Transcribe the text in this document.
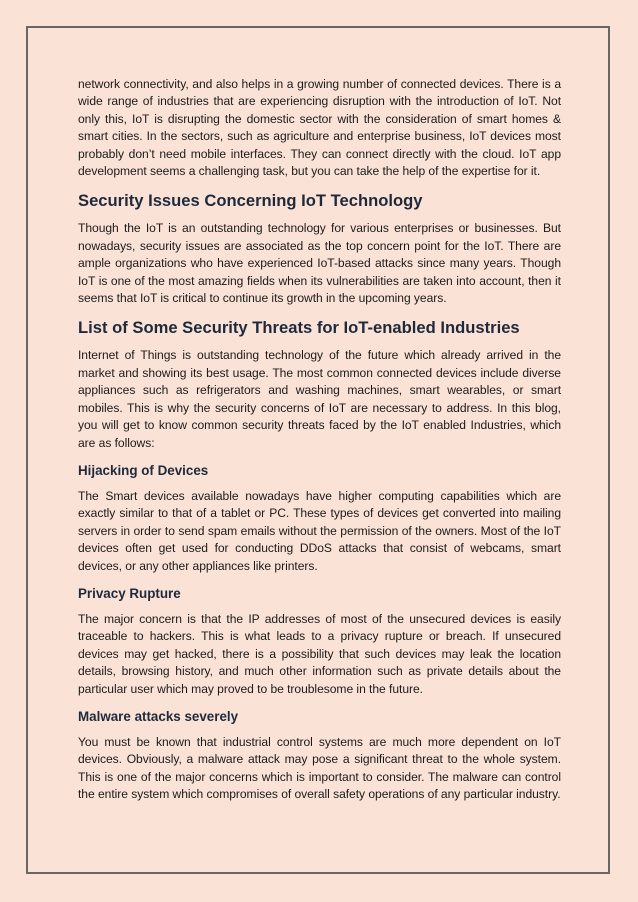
network connectivity, and also helps in a growing number of connected devices. There is a wide range of industries that are experiencing disruption with the introduction of IoT. Not only this, IoT is disrupting the domestic sector with the consideration of smart homes & smart cities. In the sectors, such as agriculture and enterprise business, IoT devices most probably don’t need mobile interfaces. They can connect directly with the cloud. IoT app development seems a challenging task, but you can take the help of the expertise for it.

Security Issues Concerning IoT Technology

Though the IoT is an outstanding technology for various enterprises or businesses. But nowadays, security issues are associated as the top concern point for the IoT. There are ample organizations who have experienced IoT-based attacks since many years. Though IoT is one of the most amazing fields when its vulnerabilities are taken into account, then it seems that IoT is critical to continue its growth in the upcoming years.

List of Some Security Threats for IoT-enabled Industries

Internet of Things is outstanding technology of the future which already arrived in the market and showing its best usage. The most common connected devices include diverse appliances such as refrigerators and washing machines, smart wearables, or smart mobiles. This is why the security concerns of IoT are necessary to address. In this blog, you will get to know common security threats faced by the IoT enabled Industries, which are as follows:

Hijacking of Devices

The Smart devices available nowadays have higher computing capabilities which are exactly similar to that of a tablet or PC. These types of devices get converted into mailing servers in order to send spam emails without the permission of the owners. Most of the IoT devices often get used for conducting DDoS attacks that consist of webcams, smart devices, or any other appliances like printers.

Privacy Rupture

The major concern is that the IP addresses of most of the unsecured devices is easily traceable to hackers. This is what leads to a privacy rupture or breach. If unsecured devices may get hacked, there is a possibility that such devices may leak the location details, browsing history, and much other information such as private details about the particular user which may proved to be troublesome in the future.

Malware attacks severely

You must be known that industrial control systems are much more dependent on IoT devices. Obviously, a malware attack may pose a significant threat to the whole system. This is one of the major concerns which is important to consider. The malware can control the entire system which compromises of overall safety operations of any particular industry.
